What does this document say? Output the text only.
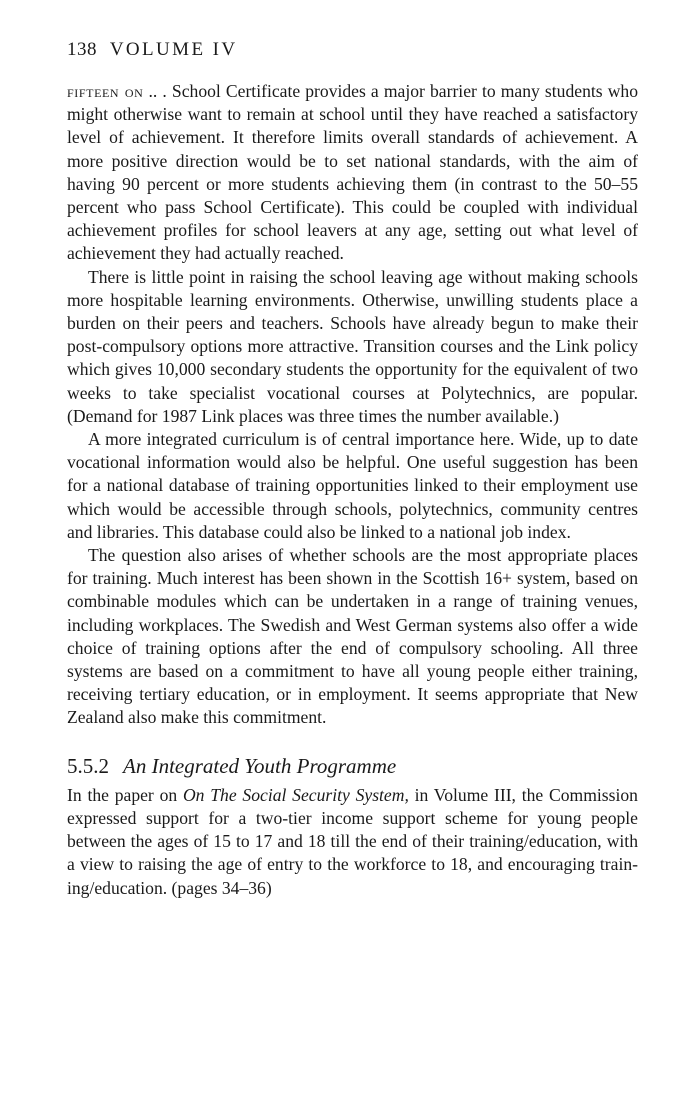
138 VOLUME IV

fifteen on .. . School Certificate provides a major barrier to many students who might otherwise want to remain at school until they have reached a satisfactory level of achievement. It therefore limits overall standards of achievement. A more positive direction would be to set national standards, with the aim of having 90 percent or more students achieving them (in contrast to the 50–55 percent who pass School Certificate). This could be coupled with individual achievement profiles for school leavers at any age, setting out what level of achievement they had actually reached.

There is little point in raising the school leaving age without making schools more hospitable learning environments. Otherwise, unwilling students place a burden on their peers and teachers. Schools have already begun to make their post-compulsory options more attractive. Transition courses and the Link policy which gives 10,000 secondary students the opportunity for the equivalent of two weeks to take specialist vocational courses at Polytechnics, are popular. (Demand for 1987 Link places was three times the number available.)

A more integrated curriculum is of central importance here. Wide, up to date vocational information would also be helpful. One useful suggestion has been for a national database of training opportunities linked to their employment use which would be accessible through schools, polytechnics, community centres and libraries. This database could also be linked to a national job index.

The question also arises of whether schools are the most appropriate places for training. Much interest has been shown in the Scottish 16+ system, based on combinable modules which can be undertaken in a range of training venues, including workplaces. The Swedish and West German systems also offer a wide choice of training options after the end of compulsory schooling. All three systems are based on a commitment to have all young people either training, receiving tertiary education, or in employment. It seems appropriate that New Zealand also make this commitment.

5.5.2 An Integrated Youth Programme

In the paper on On The Social Security System, in Volume III, the Commission expressed support for a two-tier income support scheme for young people between the ages of 15 to 17 and 18 till the end of their training/education, with a view to raising the age of entry to the workforce to 18, and encouraging training/education. (pages 34–36)
